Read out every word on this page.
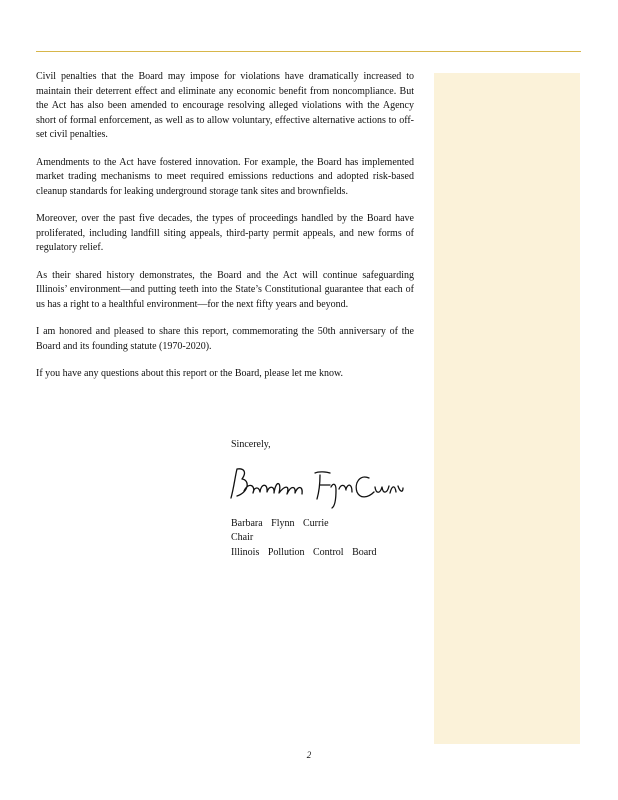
Civil penalties that the Board may impose for violations have dramatically increased to maintain their deterrent effect and eliminate any economic benefit from noncompliance. But the Act has also been amended to encourage resolving alleged violations with the Agency short of formal enforcement, as well as to allow voluntary, effective alternative actions to off-set civil penalties.

Amendments to the Act have fostered innovation. For example, the Board has implemented market trading mechanisms to meet required emissions reductions and adopted risk-based cleanup standards for leaking underground storage tank sites and brownfields.

Moreover, over the past five decades, the types of proceedings handled by the Board have proliferated, including landfill siting appeals, third-party permit appeals, and new forms of regulatory relief.

As their shared history demonstrates, the Board and the Act will continue safeguarding Illinois’ environment—and putting teeth into the State’s Constitutional guarantee that each of us has a right to a healthful environment—for the next fifty years and beyond.

I am honored and pleased to share this report, commemorating the 50th anniversary of the Board and its founding statute (1970-2020).

If you have any questions about this report or the Board, please let me know.

Sincerely,

Barbara Flynn Currie

Chair

Illinois Pollution Control Board

2
